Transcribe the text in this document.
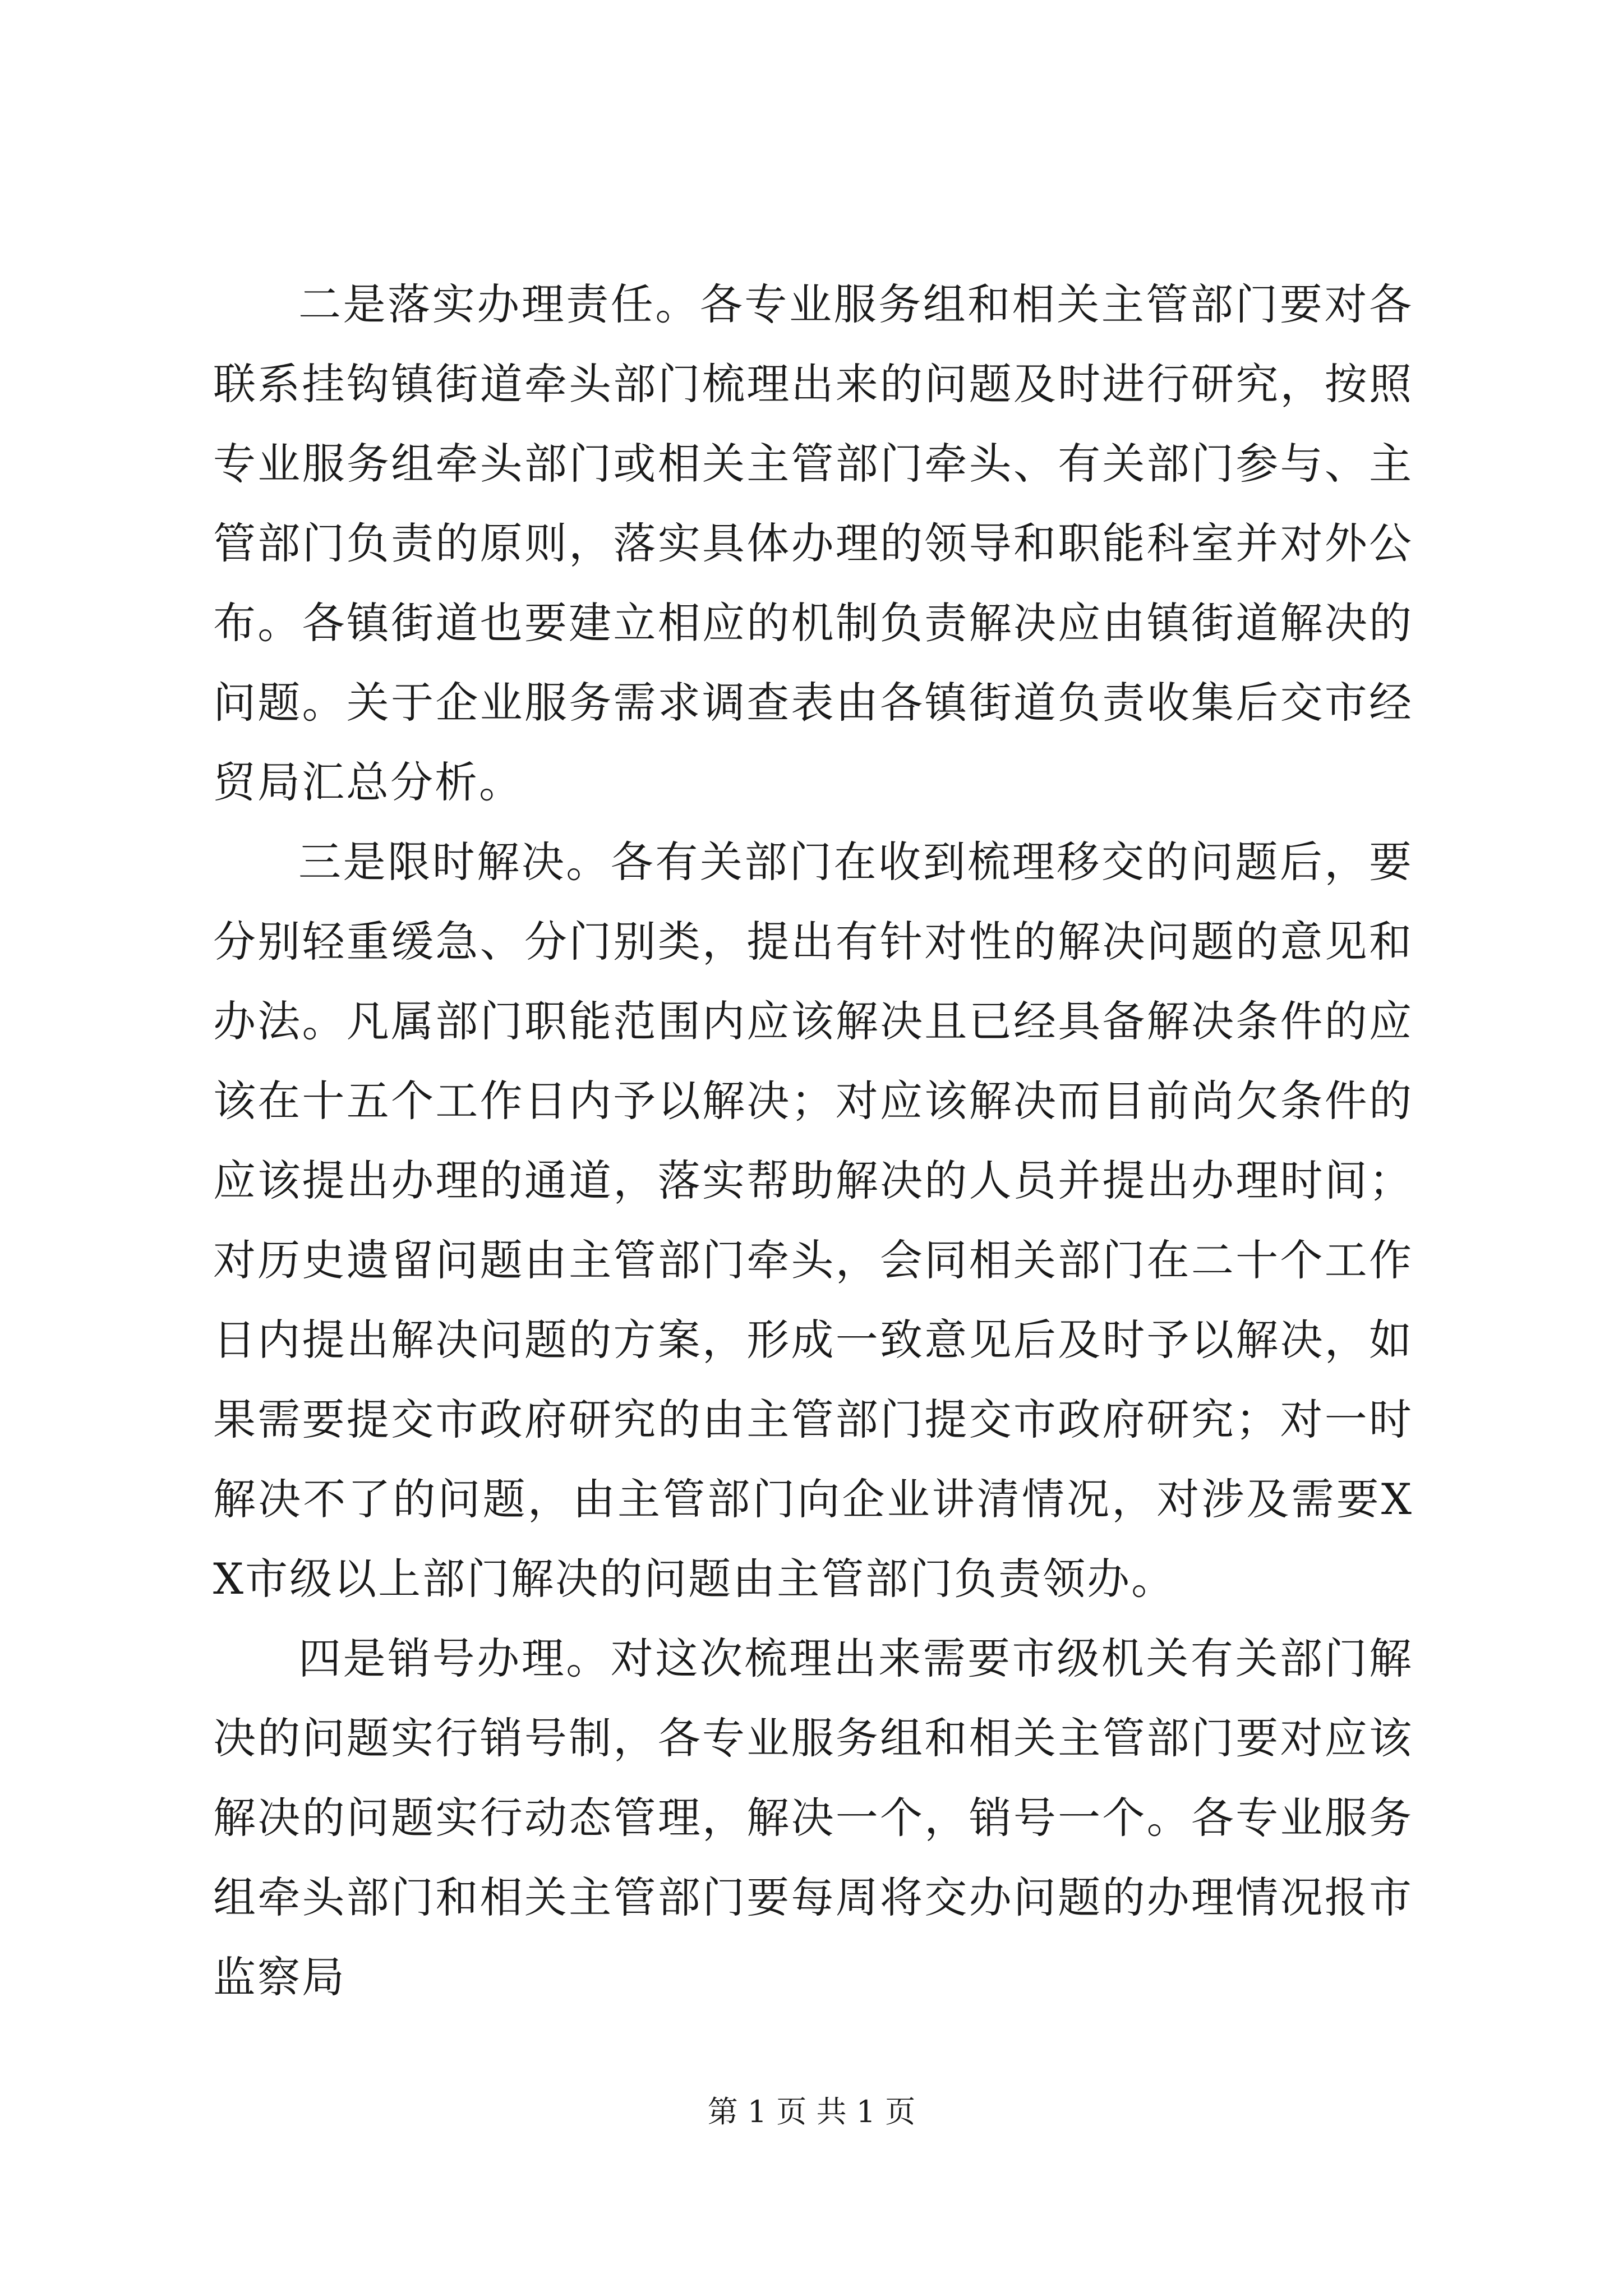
二是落实办理责任。各专业服务组和相关主管部门要对各联系挂钩镇街道牵头部门梳理出来的问题及时进行研究，按照专业服务组牵头部门或相关主管部门牵头、有关部门参与、主管部门负责的原则，落实具体办理的领导和职能科室并对外公布。各镇街道也要建立相应的机制负责解决应由镇街道解决的问题。关于企业服务需求调查表由各镇街道负责收集后交市经贸局汇总分析。

三是限时解决。各有关部门在收到梳理移交的问题后，要分别轻重缓急、分门别类，提出有针对性的解决问题的意见和办法。凡属部门职能范围内应该解决且已经具备解决条件的应该在十五个工作日内予以解决；对应该解决而目前尚欠条件的应该提出办理的通道，落实帮助解决的人员并提出办理时间；对历史遗留问题由主管部门牵头，会同相关部门在二十个工作日内提出解决问题的方案，形成一致意见后及时予以解决，如果需要提交市政府研究的由主管部门提交市政府研究；对一时解决不了的问题，由主管部门向企业讲清情况，对涉及需要XX市级以上部门解决的问题由主管部门负责领办。

四是销号办理。对这次梳理出来需要市级机关有关部门解决的问题实行销号制，各专业服务组和相关主管部门要对应该解决的问题实行动态管理，解决一个，销号一个。各专业服务组牵头部门和相关主管部门要每周将交办问题的办理情况报市监察局

第 1 页 共 1 页
